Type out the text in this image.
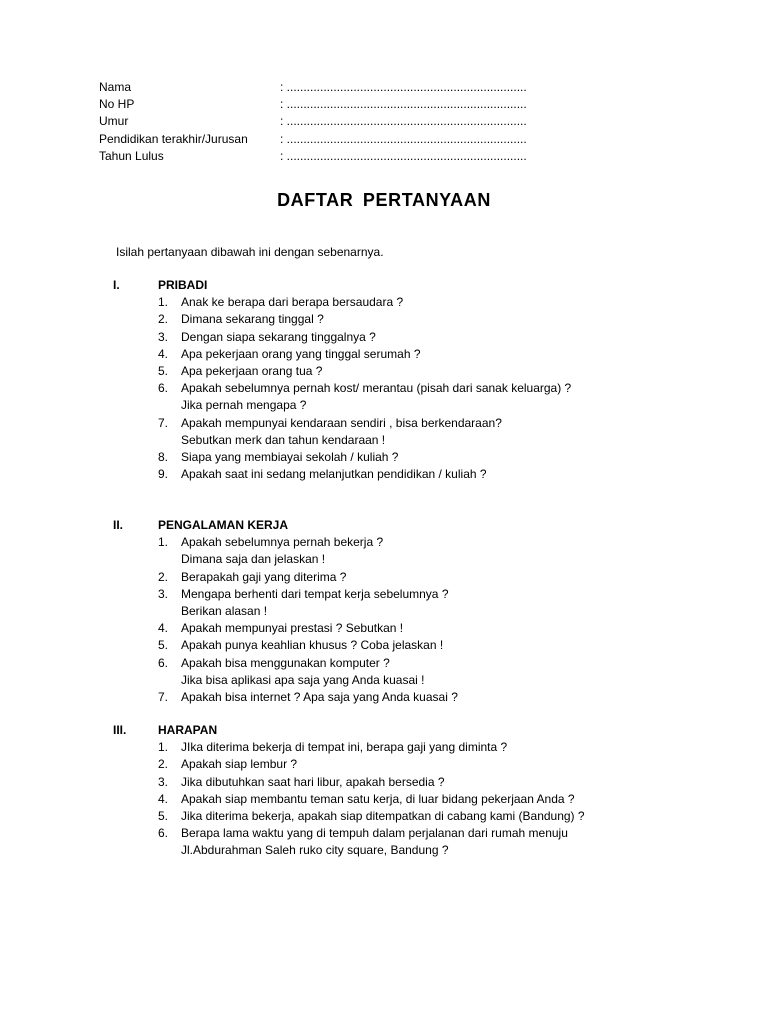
Nama	: ........................................................................
No HP	: ........................................................................
Umur	: ........................................................................
Pendidikan terakhir/Jurusan	: ........................................................................
Tahun Lulus	: ........................................................................
DAFTAR PERTANYAAN
Isilah pertanyaan dibawah ini dengan sebenarnya.
I.	PRIBADI
1.	Anak ke berapa dari berapa bersaudara ?
2.	Dimana sekarang tinggal ?
3.	Dengan siapa sekarang tinggalnya ?
4.	Apa pekerjaan orang yang tinggal serumah ?
5.	Apa pekerjaan orang tua ?
6.	Apakah sebelumnya pernah kost/ merantau (pisah dari sanak keluarga) ?
Jika pernah mengapa ?
7.	Apakah mempunyai kendaraan sendiri , bisa berkendaraan?
Sebutkan merk dan tahun kendaraan !
8.	Siapa yang membiayai sekolah / kuliah ?
9.	Apakah saat ini sedang melanjutkan pendidikan / kuliah ?
II.	PENGALAMAN KERJA
1.	Apakah sebelumnya pernah bekerja ?
Dimana saja dan jelaskan !
2.	Berapakah gaji yang diterima ?
3.	Mengapa berhenti dari tempat kerja sebelumnya ?
Berikan alasan !
4.	Apakah mempunyai prestasi ? Sebutkan !
5.	Apakah punya keahlian khusus ? Coba jelaskan !
6.	Apakah bisa menggunakan komputer ?
Jika bisa aplikasi apa saja yang Anda kuasai !
7.	Apakah bisa internet ? Apa saja yang Anda kuasai ?
III.	HARAPAN
1.	JIka diterima bekerja di tempat ini, berapa gaji yang diminta ?
2.	Apakah siap lembur ?
3.	Jika dibutuhkan saat hari libur, apakah bersedia ?
4.	Apakah siap membantu teman satu kerja, di luar bidang pekerjaan Anda ?
5.	Jika diterima bekerja, apakah siap ditempatkan di cabang kami (Bandung) ?
6.	Berapa lama waktu yang di tempuh dalam perjalanan dari rumah menuju
Jl.Abdurahman Saleh ruko city square, Bandung ?
